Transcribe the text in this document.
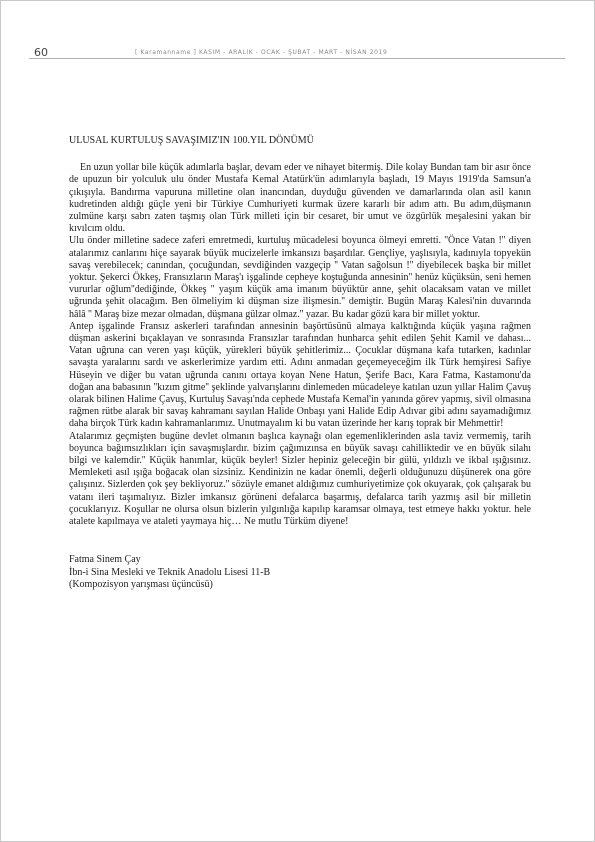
60	[ Karamanname ] KASIM - ARALIK - OCAK - ŞUBAT - MART - NİSAN 2019
ULUSAL KURTULUŞ SAVAŞIMIZ'IN 100.YIL DÖNÜMÜ

En uzun yollar bile küçük adımlarla başlar, devam eder ve nihayet bitermiş. Dile kolay Bundan tam bir asır önce de upuzun bir yolculuk ulu önder Mustafa Kemal Atatürk'ün adımlarıyla başladı, 19 Mayıs 1919'da Samsun'a çıkışıyla. Bandırma vapuruna milletine olan inancından, duyduğu güvenden ve damarlarında olan asil kanın kudretinden aldığı güçle yeni bir Türkiye Cumhuriyeti kurmak üzere kararlı bir adım attı. Bu adım,düşmanın zulmüne karşı sabrı zaten taşmış olan Türk milleti için bir cesaret, bir umut ve özgürlük meşalesini yakan bir kıvılcım oldu.

Ulu önder milletine sadece zaferi emretmedi, kurtuluş mücadelesi boyunca ölmeyi emretti. ''Önce Vatan !'' diyen atalarımız canlarını hiçe sayarak büyük mucizelerle imkansızı başardılar. Gençliye, yaşlısıyla, kadınıyla topyekün savaş verebilecek; canından, çocuğundan, sevdiğinden vazgeçip '' Vatan sağolsun !'' diyebilecek başka bir millet yoktur. Şekerci Ökkeş, Fransızların Maraş'ı işgalinde cepheye koştuğunda annesinin'' henüz küçüksün, seni hemen vururlar oğlum''dediğinde, Ökkeş '' yaşım küçük ama imanım büyüktür anne, şehit olacaksam vatan ve millet uğrunda şehit olacağım. Ben ölmeliyim ki düşman size ilişmesin.'' demiştir. Bugün Maraş Kalesi'nin duvarında hâlâ '' Maraş bize mezar olmadan, düşmana gülzar olmaz.'' yazar. Bu kadar gözü kara bir millet yoktur.

Antep işgalinde Fransız askerleri tarafından annesinin başörtüsünü almaya kalktığında küçük yaşına rağmen düşman askerini bıçaklayan ve sonrasında Fransızlar tarafından hunharca şehit edilen Şehit Kamil ve dahası... Vatan uğruna can veren yaşı küçük, yürekleri büyük şehitlerimiz... Çocuklar düşmana kafa tutarken, kadınlar savaşta yaralarını sardı ve askerlerimize yardım etti. Adını anmadan geçemeyeceğim ilk Türk hemşiresi Safiye Hüseyin ve diğer bu vatan uğrunda canını ortaya koyan Nene Hatun, Şerife Bacı, Kara Fatma, Kastamonu'da doğan ana babasının ''kızım gitme'' şeklinde yalvarışlarını dinlemeden mücadeleye katılan uzun yıllar Halim Çavuş olarak bilinen Halime Çavuş, Kurtuluş Savaşı'nda cephede Mustafa Kemal'in yanında görev yapmış, sivil olmasına rağmen rütbe alarak bir savaş kahramanı sayılan Halide Onbaşı yani Halide Edip Adıvar gibi adını sayamadığımız daha birçok Türk kadın kahramanlarımız. Unutmayalım ki bu vatan üzerinde her karış toprak bir Mehmettir!

Atalarımız geçmişten bugüne devlet olmanın başlıca kaynağı olan egemenliklerinden asla taviz vermemiş, tarih boyunca bağımsızlıkları için savaşmışlardır. bizim çağımızınsa en büyük savaşı cahilliktedir ve en büyük silahı bilgi ve kalemdir.'' Küçük hanımlar, küçük beyler! Sizler hepiniz geleceğin bir gülü, yıldızlı ve ikbal ışığısınız. Memleketi asıl ışığa boğacak olan sizsiniz. Kendinizin ne kadar önemli, değerli olduğunuzu düşünerek ona göre çalışınız. Sizlerden çok şey bekliyoruz.'' sözüyle emanet aldığımız cumhuriyetimize çok okuyarak, çok çalışarak bu vatanı ileri taşımalıyız. Bizler imkansız görüneni defalarca başarmış, defalarca tarih yazmış asil bir milletin çocuklarıyız. Koşullar ne olursa olsun bizlerin yılgınlığa kapılıp karamsar olmaya, test etmeye hakkı yoktur. hele atalete kapılmaya ve ataleti yaymaya hiç… Ne mutlu Türküm diyene!

Fatma Sinem Çay
İbn-i Sina Mesleki ve Teknik Anadolu Lisesi 11-B
(Kompozisyon yarışması üçüncüsü)
